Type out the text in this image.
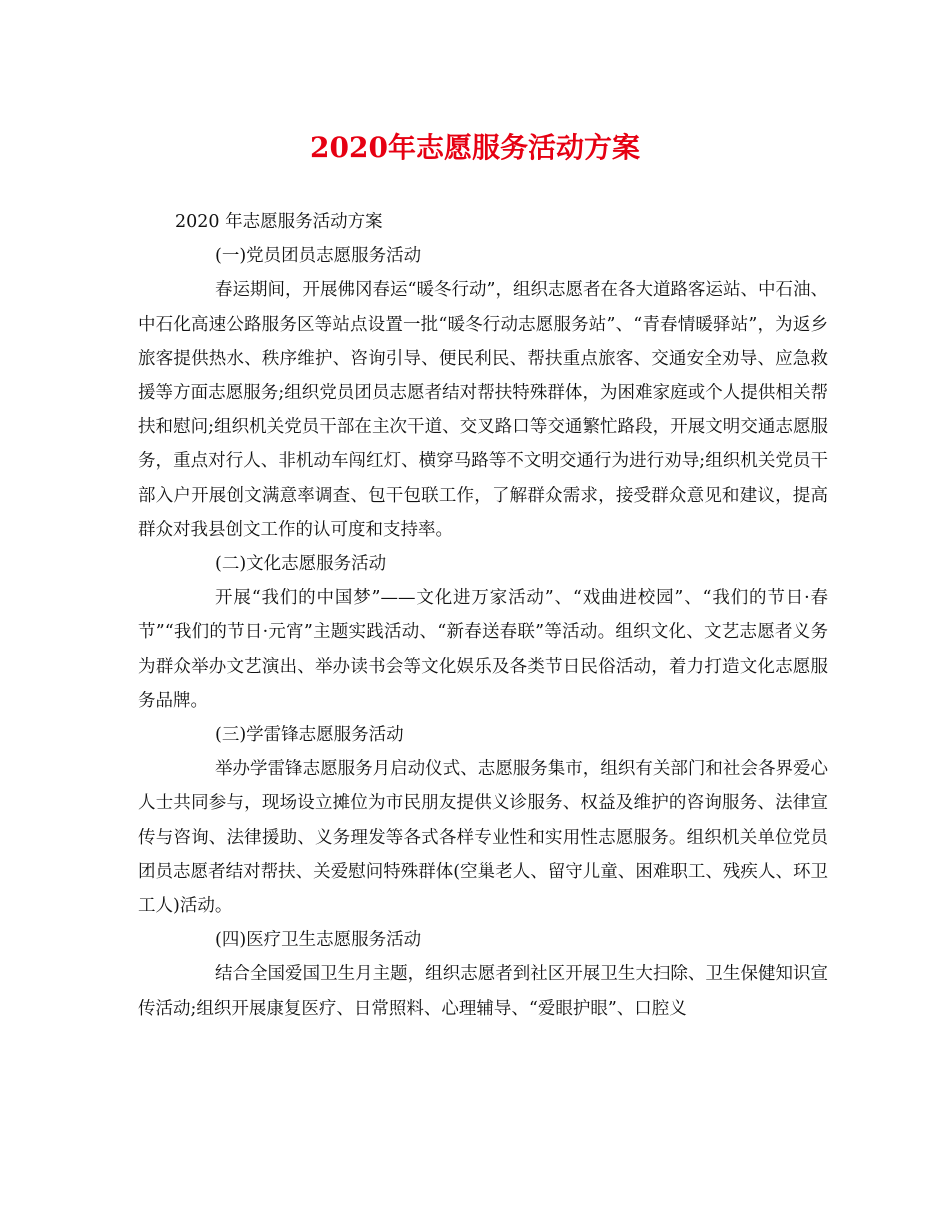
2020年志愿服务活动方案

2020 年志愿服务活动方案

(一)党员团员志愿服务活动

春运期间，开展佛冈春运“暖冬行动”，组织志愿者在各大道路客运站、中石油、中石化高速公路服务区等站点设置一批“暖冬行动志愿服务站”、“青春情暖驿站”，为返乡旅客提供热水、秩序维护、咨询引导、便民利民、帮扶重点旅客、交通安全劝导、应急救援等方面志愿服务;组织党员团员志愿者结对帮扶特殊群体，为困难家庭或个人提供相关帮扶和慰问;组织机关党员干部在主次干道、交叉路口等交通繁忙路段，开展文明交通志愿服务，重点对行人、非机动车闯红灯、横穿马路等不文明交通行为进行劝导;组织机关党员干部入户开展创文满意率调查、包干包联工作，了解群众需求，接受群众意见和建议，提高群众对我县创文工作的认可度和支持率。

(二)文化志愿服务活动

开展“我们的中国梦”——文化进万家活动”、“戏曲进校园”、“我们的节日·春节”“我们的节日·元宵”主题实践活动、“新春送春联”等活动。组织文化、文艺志愿者义务为群众举办文艺演出、举办读书会等文化娱乐及各类节日民俗活动，着力打造文化志愿服务品牌。

(三)学雷锋志愿服务活动

举办学雷锋志愿服务月启动仪式、志愿服务集市，组织有关部门和社会各界爱心人士共同参与，现场设立摊位为市民朋友提供义诊服务、权益及维护的咨询服务、法律宣传与咨询、法律援助、义务理发等各式各样专业性和实用性志愿服务。组织机关单位党员团员志愿者结对帮扶、关爱慰问特殊群体(空巢老人、留守儿童、困难职工、残疾人、环卫工人)活动。

(四)医疗卫生志愿服务活动

结合全国爱国卫生月主题，组织志愿者到社区开展卫生大扫除、卫生保健知识宣传活动;组织开展康复医疗、日常照料、心理辅导、“爱眼护眼”、口腔义
